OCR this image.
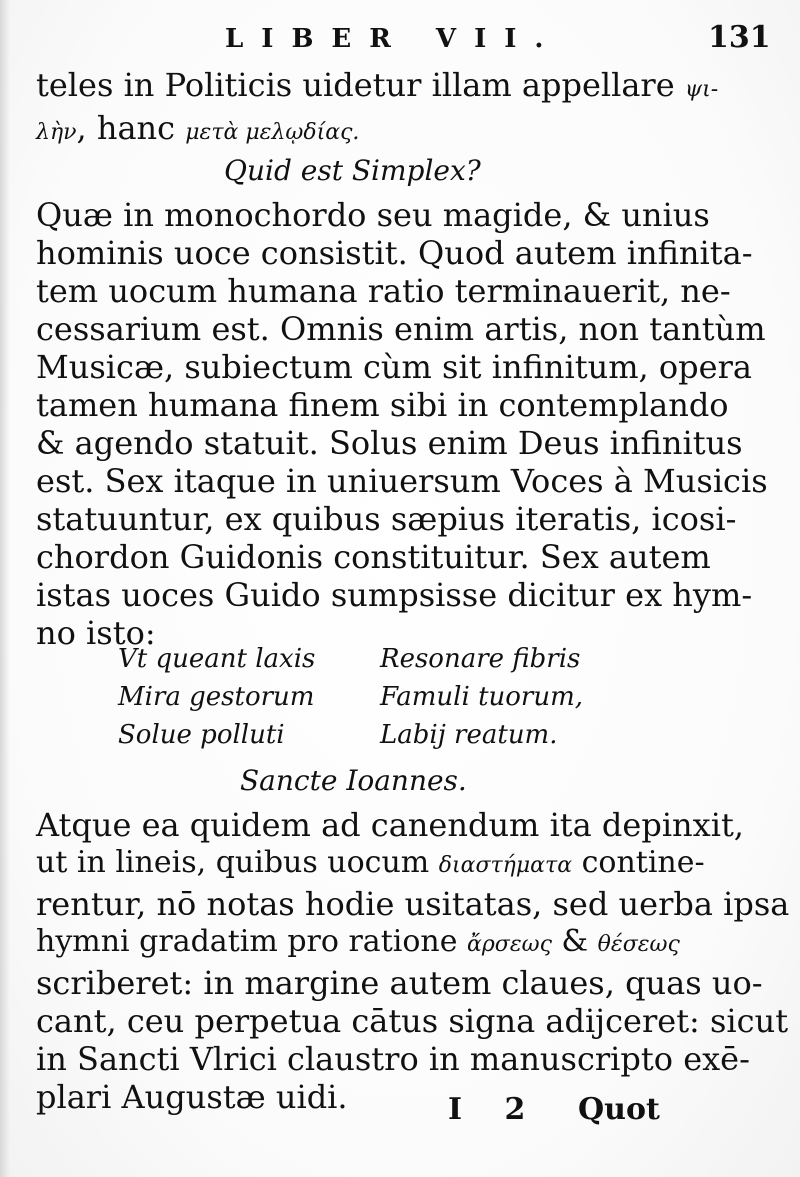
LIBER VII.	131

teles in Politicis uidetur illam appellare ψι-

λὴν, hanc μετὰ μελῳδίας.

Quid est Simplex?

Quæ in monochordo seu magide, & unius

hominis uoce consistit. Quod autem infinita-

tem uocum humana ratio terminauerit, ne-

cessarium est. Omnis enim artis, non tantùm

Musicæ, subiectum cùm sit infinitum, opera

tamen humana finem sibi in contemplando

& agendo statuit. Solus enim Deus infinitus

est. Sex itaque in uniuersum Voces à Musicis

statuuntur, ex quibus sæpius iteratis, icosi-

chordon Guidonis constituitur. Sex autem

istas uoces Guido sumpsisse dicitur ex hym-

no isto:

Vt queant laxis	Resonare fibris
Mira gestorum	Famuli tuorum,
Solue polluti	Labij reatum.
Sancte Ioannes.

Atque ea quidem ad canendum ita depinxit,

ut in lineis, quibus uocum διαστήματα contine-

rentur, nō notas hodie usitatas, sed uerba ipsa

hymni gradatim pro ratione ἄρσεως & θέσεως

scriberet: in margine autem claues, quas uo-

cant, ceu perpetua cātus signa adijceret: sicut

in Sancti Vlrici claustro in manuscripto exē-

plari Augustæ uidi.	I 2 Quot
